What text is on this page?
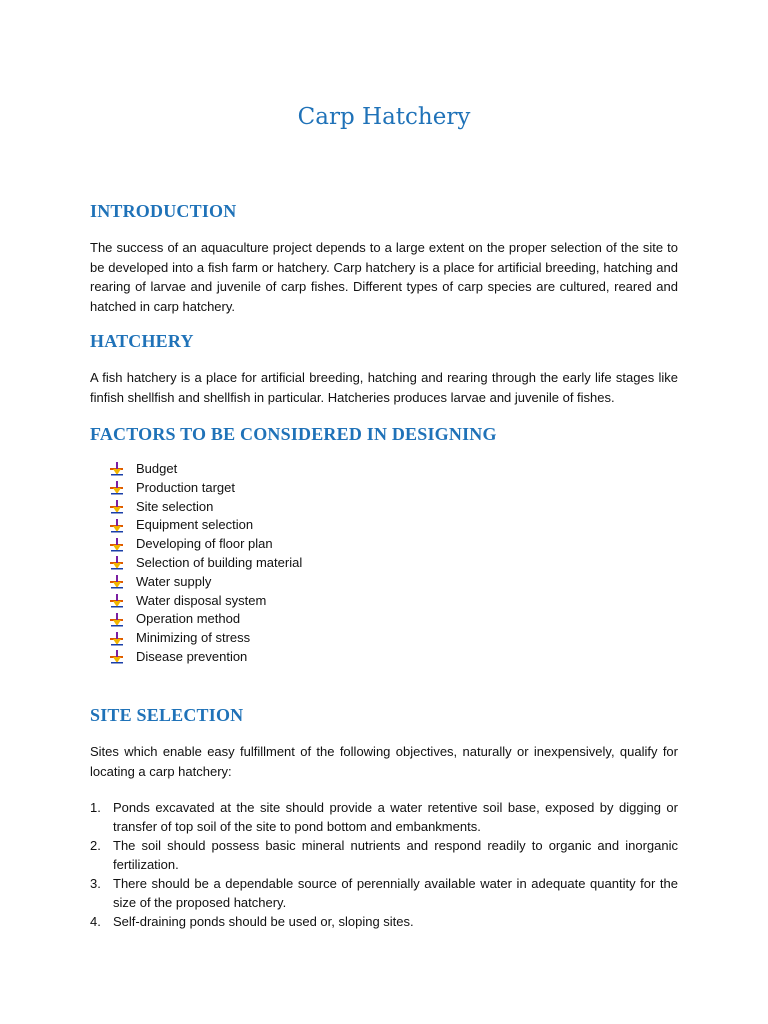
Carp Hatchery
INTRODUCTION

The success of an aquaculture project depends to a large extent on the proper selection of the site to be developed into a fish farm or hatchery. Carp hatchery is a place for artificial breeding, hatching and rearing of larvae and juvenile of carp fishes. Different types of carp species are cultured, reared and hatched in carp hatchery.

HATCHERY

A fish hatchery is a place for artificial breeding, hatching and rearing through the early life stages like finfish shellfish and shellfish in particular. Hatcheries produces larvae and juvenile of fishes.

FACTORS TO BE CONSIDERED IN DESIGNING
Budget
Production target
Site selection
Equipment selection
Developing of floor plan
Selection of building material
Water supply
Water disposal system
Operation method
Minimizing of stress
Disease prevention
SITE SELECTION

Sites which enable easy fulfillment of the following objectives, naturally or inexpensively, qualify for locating a carp hatchery:

1. Ponds excavated at the site should provide a water retentive soil base, exposed by digging or transfer of top soil of the site to pond bottom and embankments.
2. The soil should possess basic mineral nutrients and respond readily to organic and inorganic fertilization.
3. There should be a dependable source of perennially available water in adequate quantity for the size of the proposed hatchery.
4. Self-draining ponds should be used or, sloping sites.
